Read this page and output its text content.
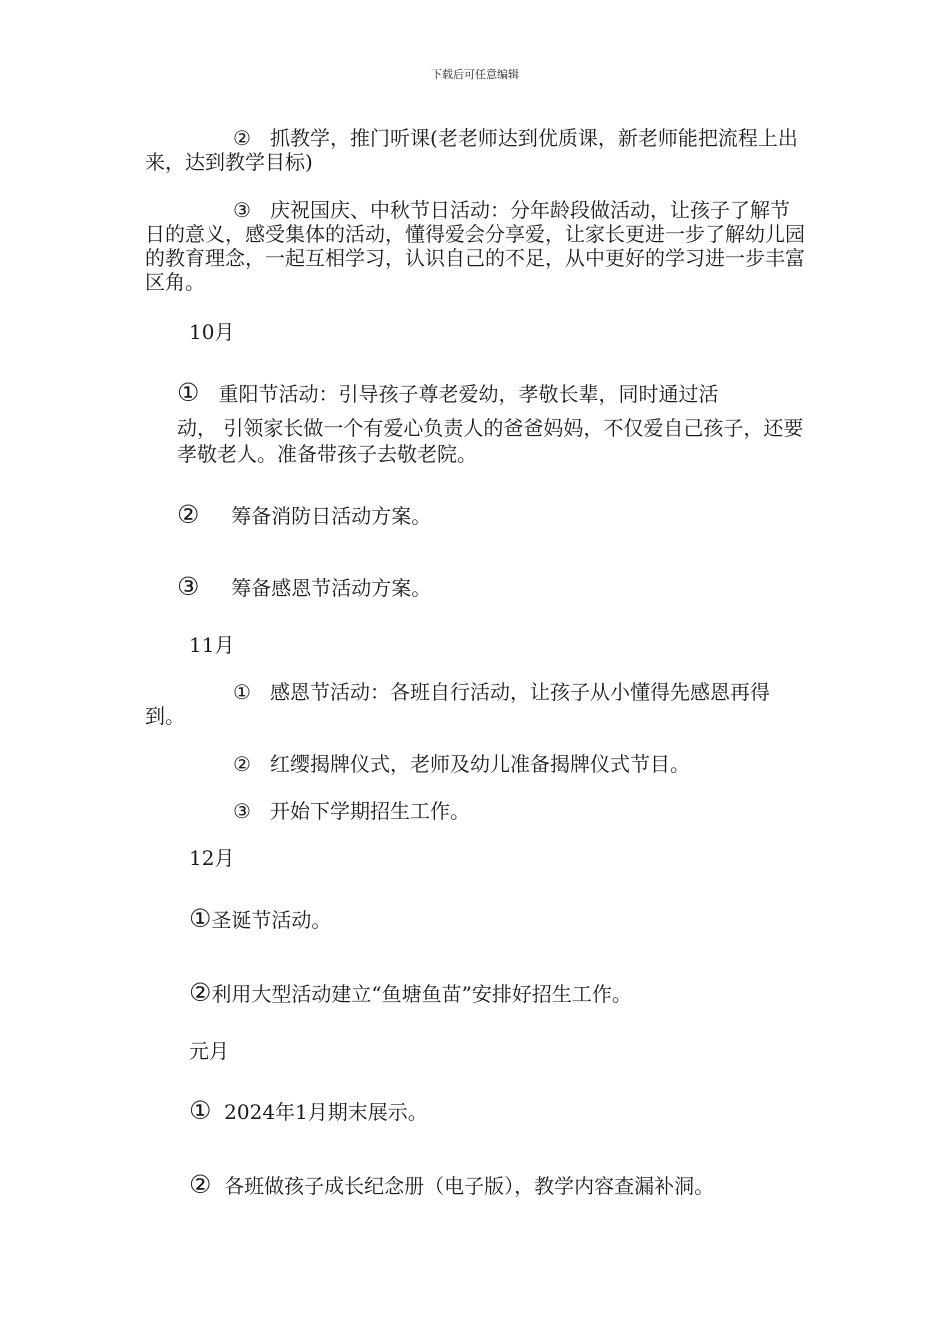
下载后可任意编辑

② 抓教学，推门听课(老老师达到优质课，新老师能把流程上出来，达到教学目标)

③ 庆祝国庆、中秋节日活动：分年龄段做活动，让孩子了解节日的意义，感受集体的活动，懂得爱会分享爱，让家长更进一步了解幼儿园的教育理念，一起互相学习，认识自己的不足，从中更好的学习进一步丰富区角。

10月
① 重阳节活动：引导孩子尊老爱幼，孝敬长辈，同时通过活
动， 引领家长做一个有爱心负责人的爸爸妈妈，不仅爱自己孩子，还要孝敬老人。准备带孩子去敬老院。
② 筹备消防日活动方案。
③ 筹备感恩节活动方案。
11月

① 感恩节活动：各班自行活动，让孩子从小懂得先感恩再得到。

② 红缨揭牌仪式，老师及幼儿准备揭牌仪式节目。

③ 开始下学期招生工作。

12月
①圣诞节活动。
②利用大型活动建立“鱼塘鱼苗”安排好招生工作。
元月
① 2024年1月期末展示。
② 各班做孩子成长纪念册（电子版），教学内容查漏补洞。
